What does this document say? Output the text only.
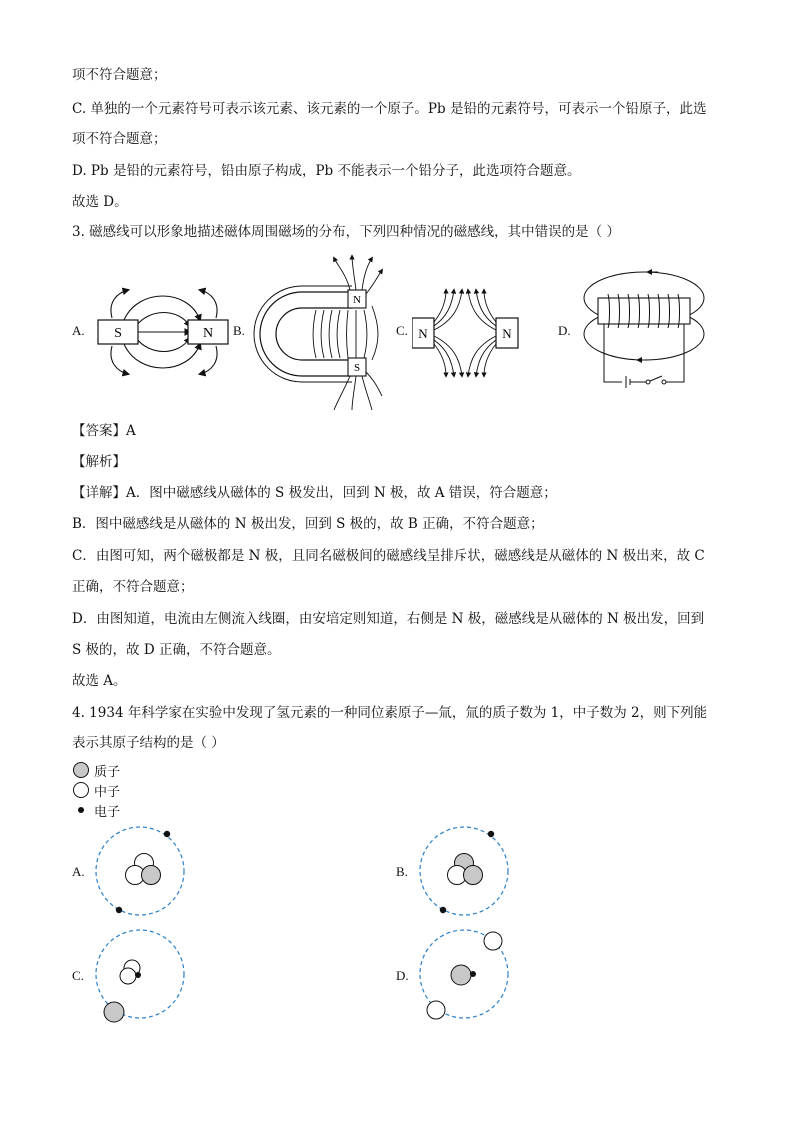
项不符合题意；
C. 单独的一个元素符号可表示该元素、该元素的一个原子。Pb 是铅的元素符号，可表示一个铅原子，此选
项不符合题意；
D. Pb 是铅的元素符号，铅由原子构成，Pb 不能表示一个铅分子，此选项符合题意。
故选 D。
3. 磁感线可以形象地描述磁体周围磁场的分布，下列四种情况的磁感线，其中错误的是（ ）
A.	B.	C.	D.
S	N
N
S
N	N
【答案】A
【解析】
【详解】A．图中磁感线从磁体的 S 极发出，回到 N 极，故 A 错误，符合题意；
B．图中磁感线是从磁体的 N 极出发，回到 S 极的，故 B 正确，不符合题意；
C．由图可知，两个磁极都是 N 极，且同名磁极间的磁感线呈排斥状，磁感线是从磁体的 N 极出来，故 C
正确，不符合题意；
D．由图知道，电流由左侧流入线圈，由安培定则知道，右侧是 N 极，磁感线是从磁体的 N 极出发，回到
S 极的，故 D 正确，不符合题意。
故选 A。
4. 1934 年科学家在实验中发现了氢元素的一种同位素原子—氚，氚的质子数为 1，中子数为 2，则下列能
表示其原子结构的是（ ）
质子
中子
电子
A.	B.
C.	D.
